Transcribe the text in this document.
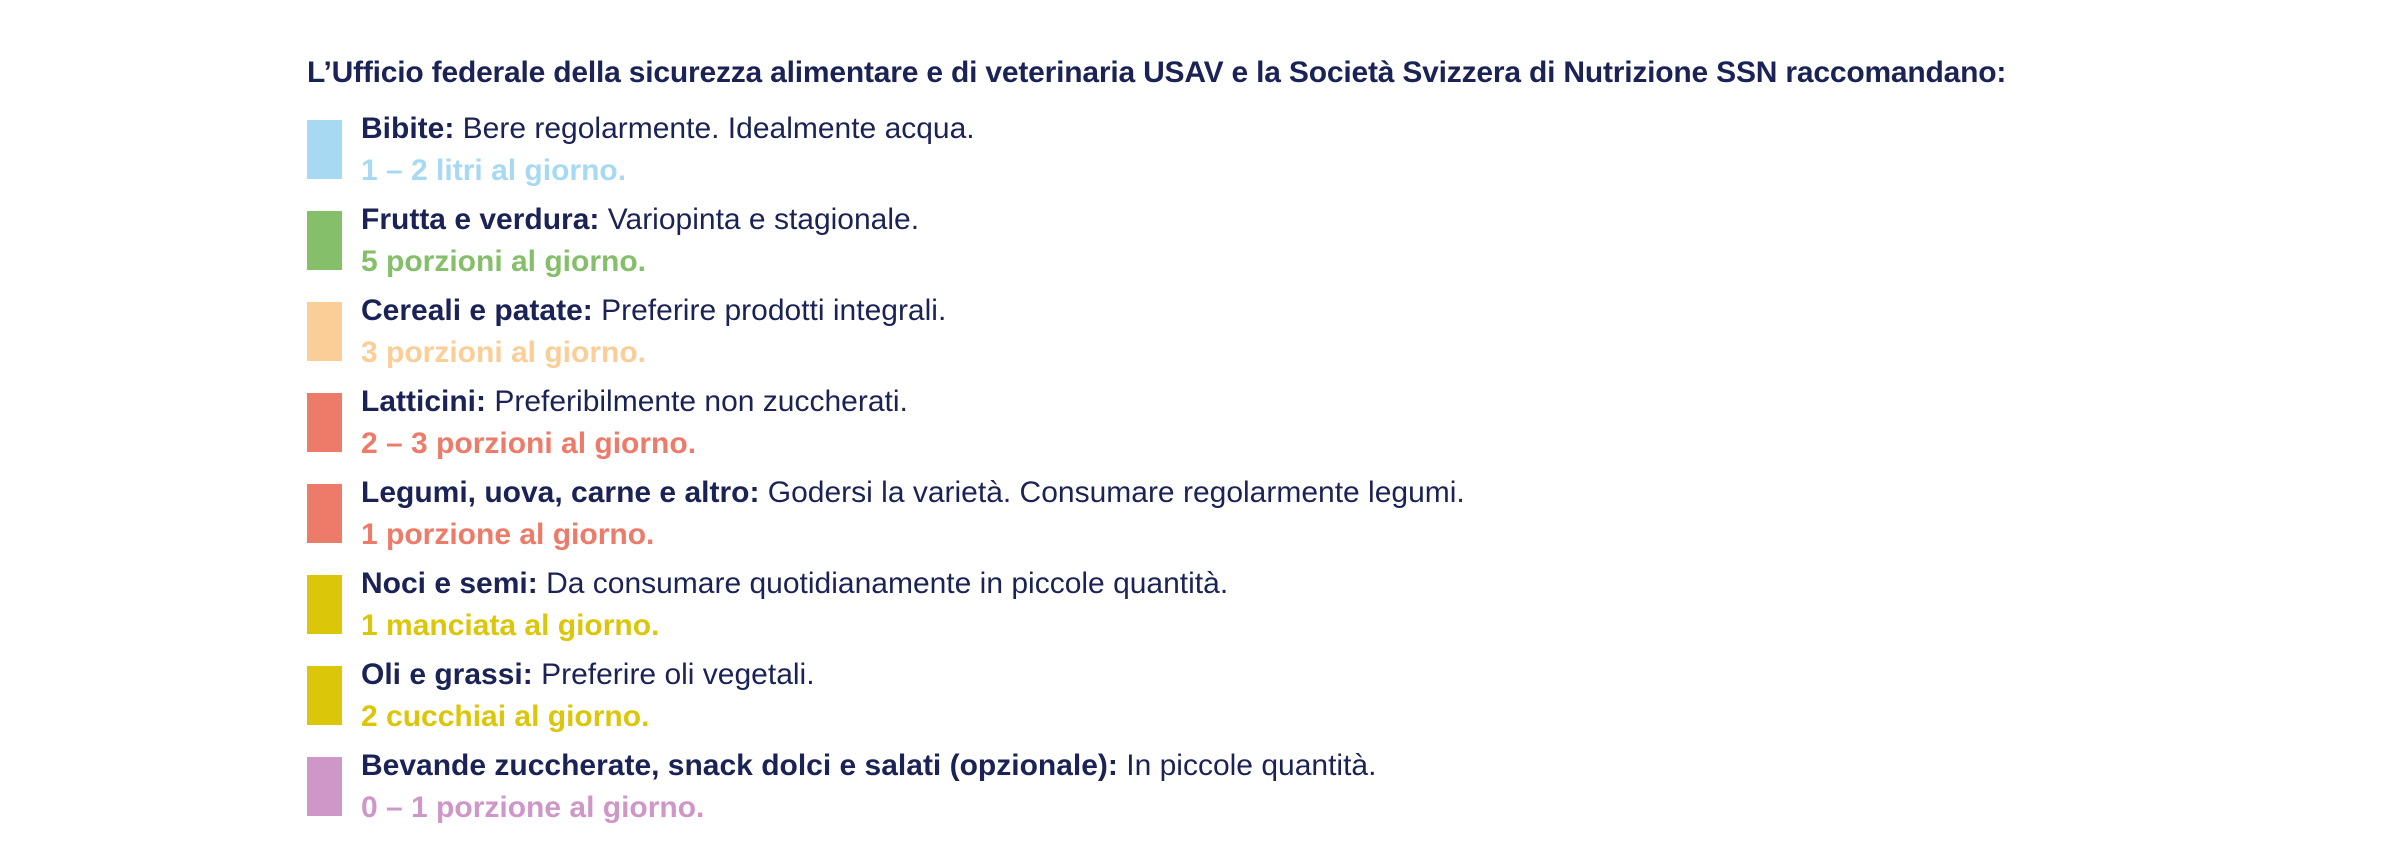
L’Ufficio federale della sicurezza alimentare e di veterinaria USAV e la Società Svizzera di Nutrizione SSN raccomandano:
Bibite: Bere regolarmente. Idealmente acqua.
1 – 2 litri al giorno.
Frutta e verdura: Variopinta e stagionale.
5 porzioni al giorno.
Cereali e patate: Preferire prodotti integrali.
3 porzioni al giorno.
Latticini: Preferibilmente non zuccherati.
2 – 3 porzioni al giorno.
Legumi, uova, carne e altro: Godersi la varietà. Consumare regolarmente legumi.
1 porzione al giorno.
Noci e semi: Da consumare quotidianamente in piccole quantità.
1 manciata al giorno.
Oli e grassi: Preferire oli vegetali.
2 cucchiai al giorno.
Bevande zuccherate, snack dolci e salati (opzionale): In piccole quantità.
0 – 1 porzione al giorno.
